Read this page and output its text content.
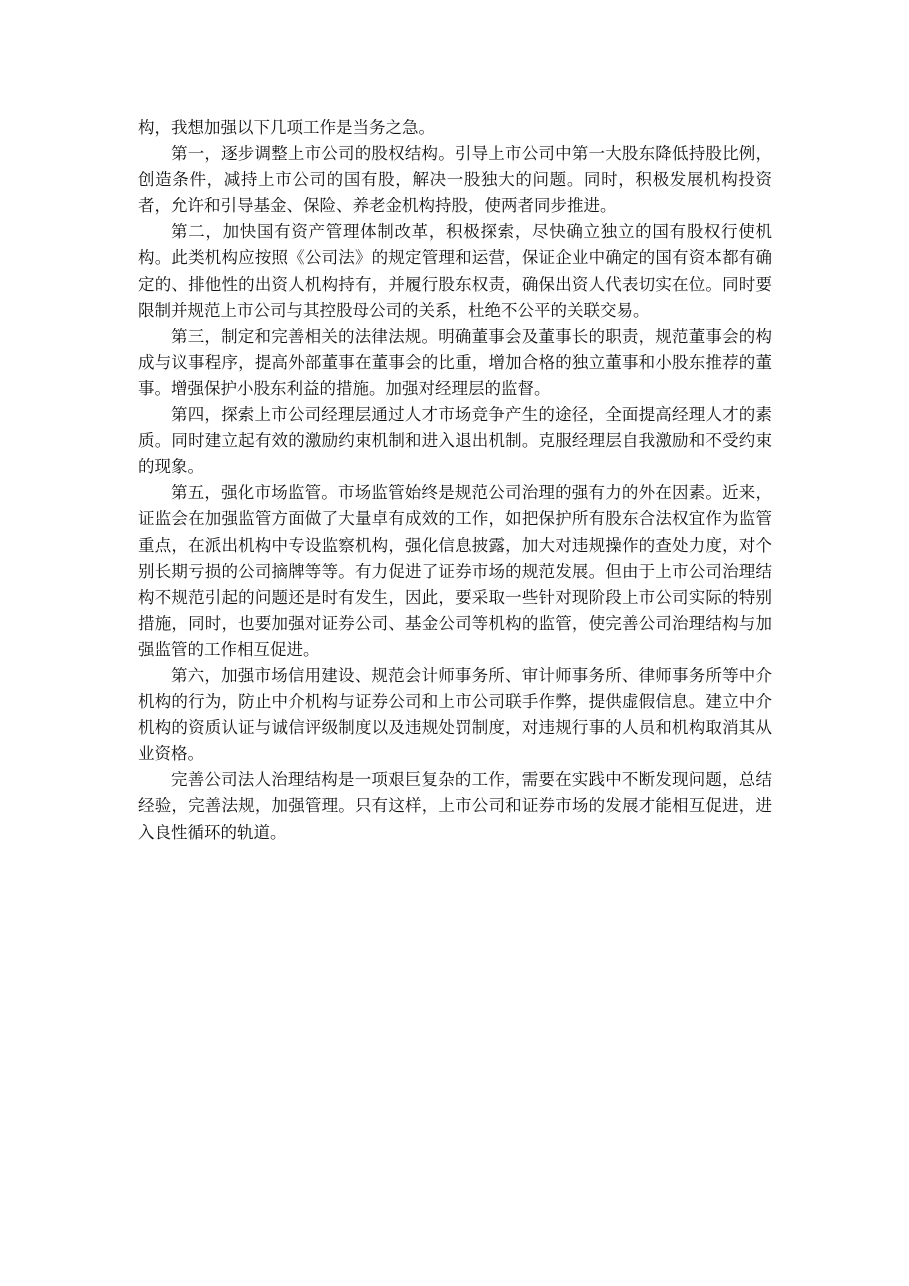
构，我想加强以下几项工作是当务之急。

第一，逐步调整上市公司的股权结构。引导上市公司中第一大股东降低持股比例，创造条件，减持上市公司的国有股，解决一股独大的问题。同时，积极发展机构投资者，允许和引导基金、保险、养老金机构持股，使两者同步推进。

第二，加快国有资产管理体制改革，积极探索，尽快确立独立的国有股权行使机构。此类机构应按照《公司法》的规定管理和运营，保证企业中确定的国有资本都有确定的、排他性的出资人机构持有，并履行股东权责，确保出资人代表切实在位。同时要限制并规范上市公司与其控股母公司的关系，杜绝不公平的关联交易。

第三，制定和完善相关的法律法规。明确董事会及董事长的职责，规范董事会的构成与议事程序，提高外部董事在董事会的比重，增加合格的独立董事和小股东推荐的董事。增强保护小股东利益的措施。加强对经理层的监督。

第四，探索上市公司经理层通过人才市场竞争产生的途径，全面提高经理人才的素质。同时建立起有效的激励约束机制和进入退出机制。克服经理层自我激励和不受约束的现象。

第五，强化市场监管。市场监管始终是规范公司治理的强有力的外在因素。近来，证监会在加强监管方面做了大量卓有成效的工作，如把保护所有股东合法权宜作为监管重点，在派出机构中专设监察机构，强化信息披露，加大对违规操作的查处力度，对个别长期亏损的公司摘牌等等。有力促进了证券市场的规范发展。但由于上市公司治理结构不规范引起的问题还是时有发生，因此，要采取一些针对现阶段上市公司实际的特别措施，同时，也要加强对证券公司、基金公司等机构的监管，使完善公司治理结构与加强监管的工作相互促进。

第六，加强市场信用建设、规范会计师事务所、审计师事务所、律师事务所等中介机构的行为，防止中介机构与证券公司和上市公司联手作弊，提供虚假信息。建立中介机构的资质认证与诚信评级制度以及违规处罚制度，对违规行事的人员和机构取消其从业资格。

完善公司法人治理结构是一项艰巨复杂的工作，需要在实践中不断发现问题，总结经验，完善法规，加强管理。只有这样，上市公司和证券市场的发展才能相互促进，进入良性循环的轨道。
